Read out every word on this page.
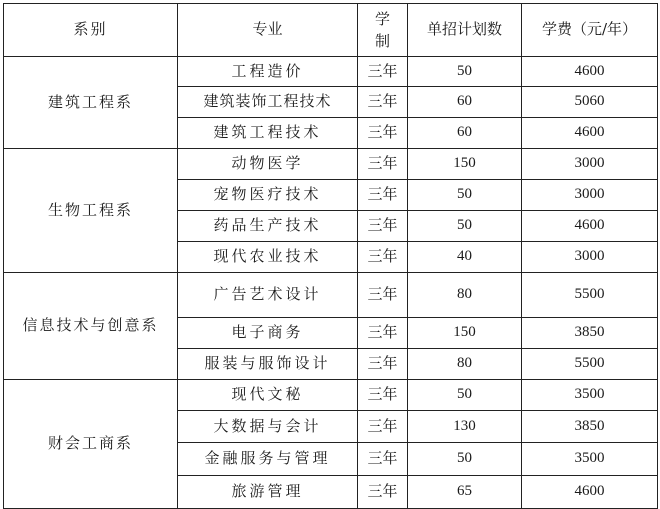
系别	专业	学制	单招计划数	学费（元/年）
建筑工程系	工程造价	三年	50	4600
	建筑装饰工程技术	三年	60	5060
	建筑工程技术	三年	60	4600
生物工程系	动物医学	三年	150	3000
	宠物医疗技术	三年	50	3000
	药品生产技术	三年	50	4600
	现代农业技术	三年	40	3000
信息技术与创意系	广告艺术设计	三年	80	5500
	电子商务	三年	150	3850
	服装与服饰设计	三年	80	5500
财会工商系	现代文秘	三年	50	3500
	大数据与会计	三年	130	3850
	金融服务与管理	三年	50	3500
	旅游管理	三年	65	4600
